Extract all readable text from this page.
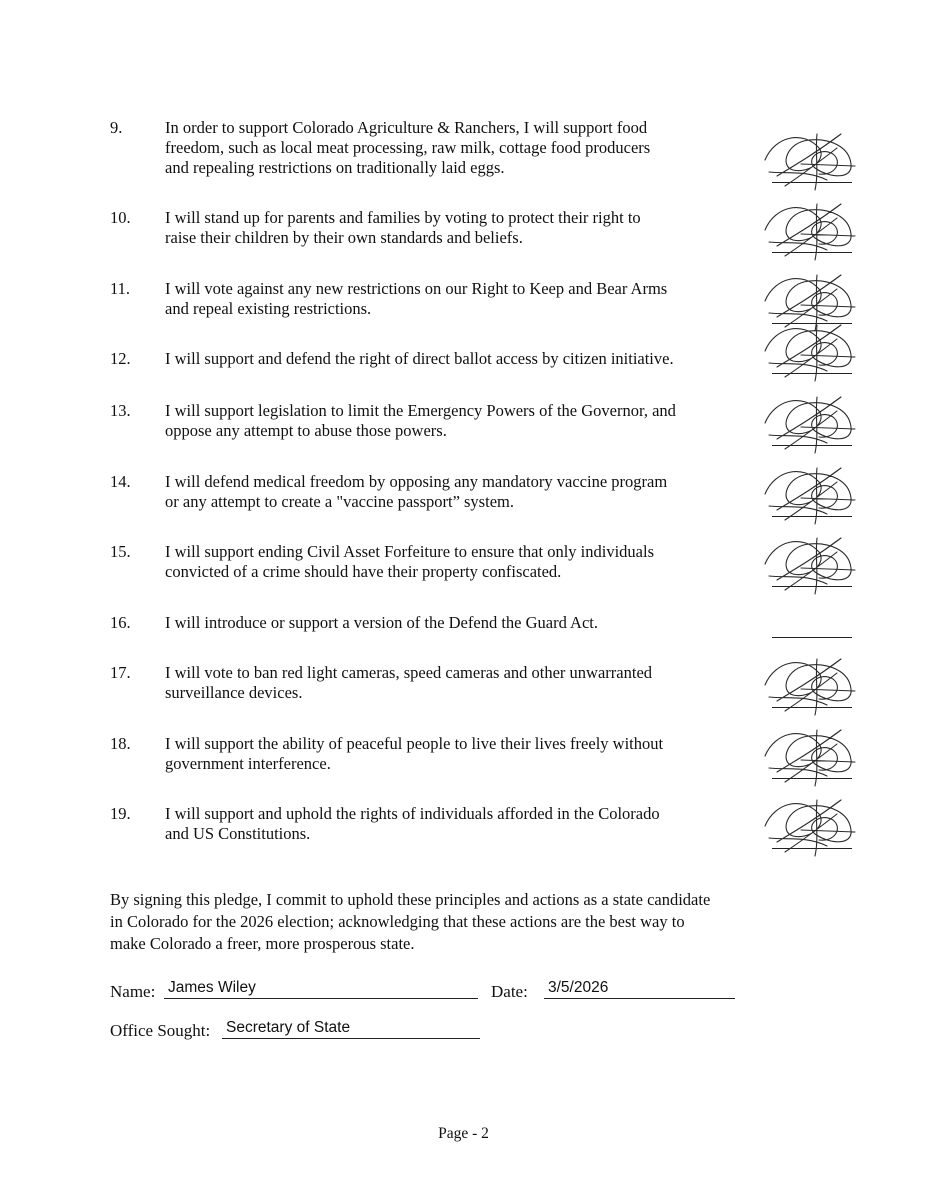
9.	In order to support Colorado Agriculture & Ranchers, I will support food
freedom, such as local meat processing, raw milk, cottage food producers
and repealing restrictions on traditionally laid eggs.
10. I will stand up for parents and families by voting to protect their right to
raise their children by their own standards and beliefs.
11. I will vote against any new restrictions on our Right to Keep and Bear Arms
and repeal existing restrictions.
12. I will support and defend the right of direct ballot access by citizen initiative.
13. I will support legislation to limit the Emergency Powers of the Governor, and
oppose any attempt to abuse those powers.
14. I will defend medical freedom by opposing any mandatory vaccine program
or any attempt to create a "vaccine passport” system.
15. I will support ending Civil Asset Forfeiture to ensure that only individuals
convicted of a crime should have their property confiscated.
16. I will introduce or support a version of the Defend the Guard Act.
17. I will vote to ban red light cameras, speed cameras and other unwarranted
surveillance devices.
18. I will support the ability of peaceful people to live their lives freely without
government interference.
19. I will support and uphold the rights of individuals afforded in the Colorado
and US Constitutions.
By signing this pledge, I commit to uphold these principles and actions as a state candidate
in Colorado for the 2026 election; acknowledging that these actions are the best way to
make Colorado a freer, more prosperous state.
Name: James Wiley	Date: 3/5/2026
Office Sought: Secretary of State
Page - 2
